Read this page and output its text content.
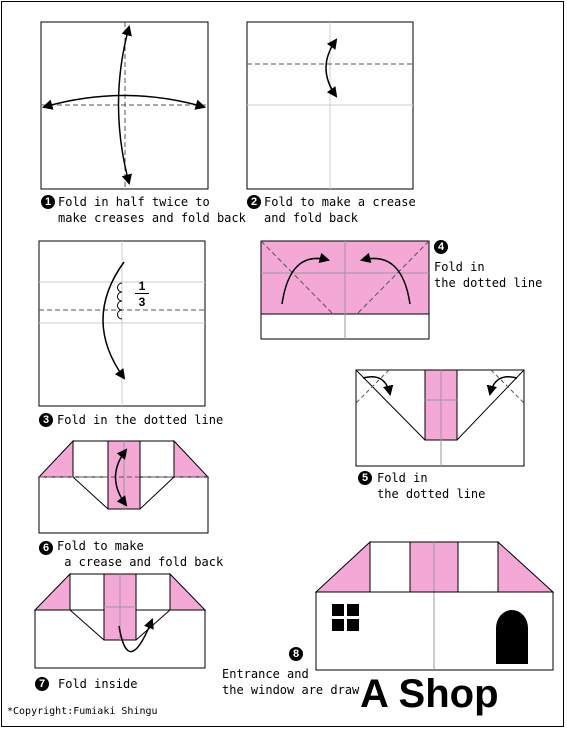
1 Fold in half twice to
make creases and fold back
2 Fold to make a crease
and fold back
1
3
3 Fold in the dotted line
4
Fold in
the dotted line
5 Fold in
the dotted line
6 Fold to make
a crease and fold back
7	Fold inside
8
Entrance and
the window are draw A Shop
*Copyright:Fumiaki Shingu
